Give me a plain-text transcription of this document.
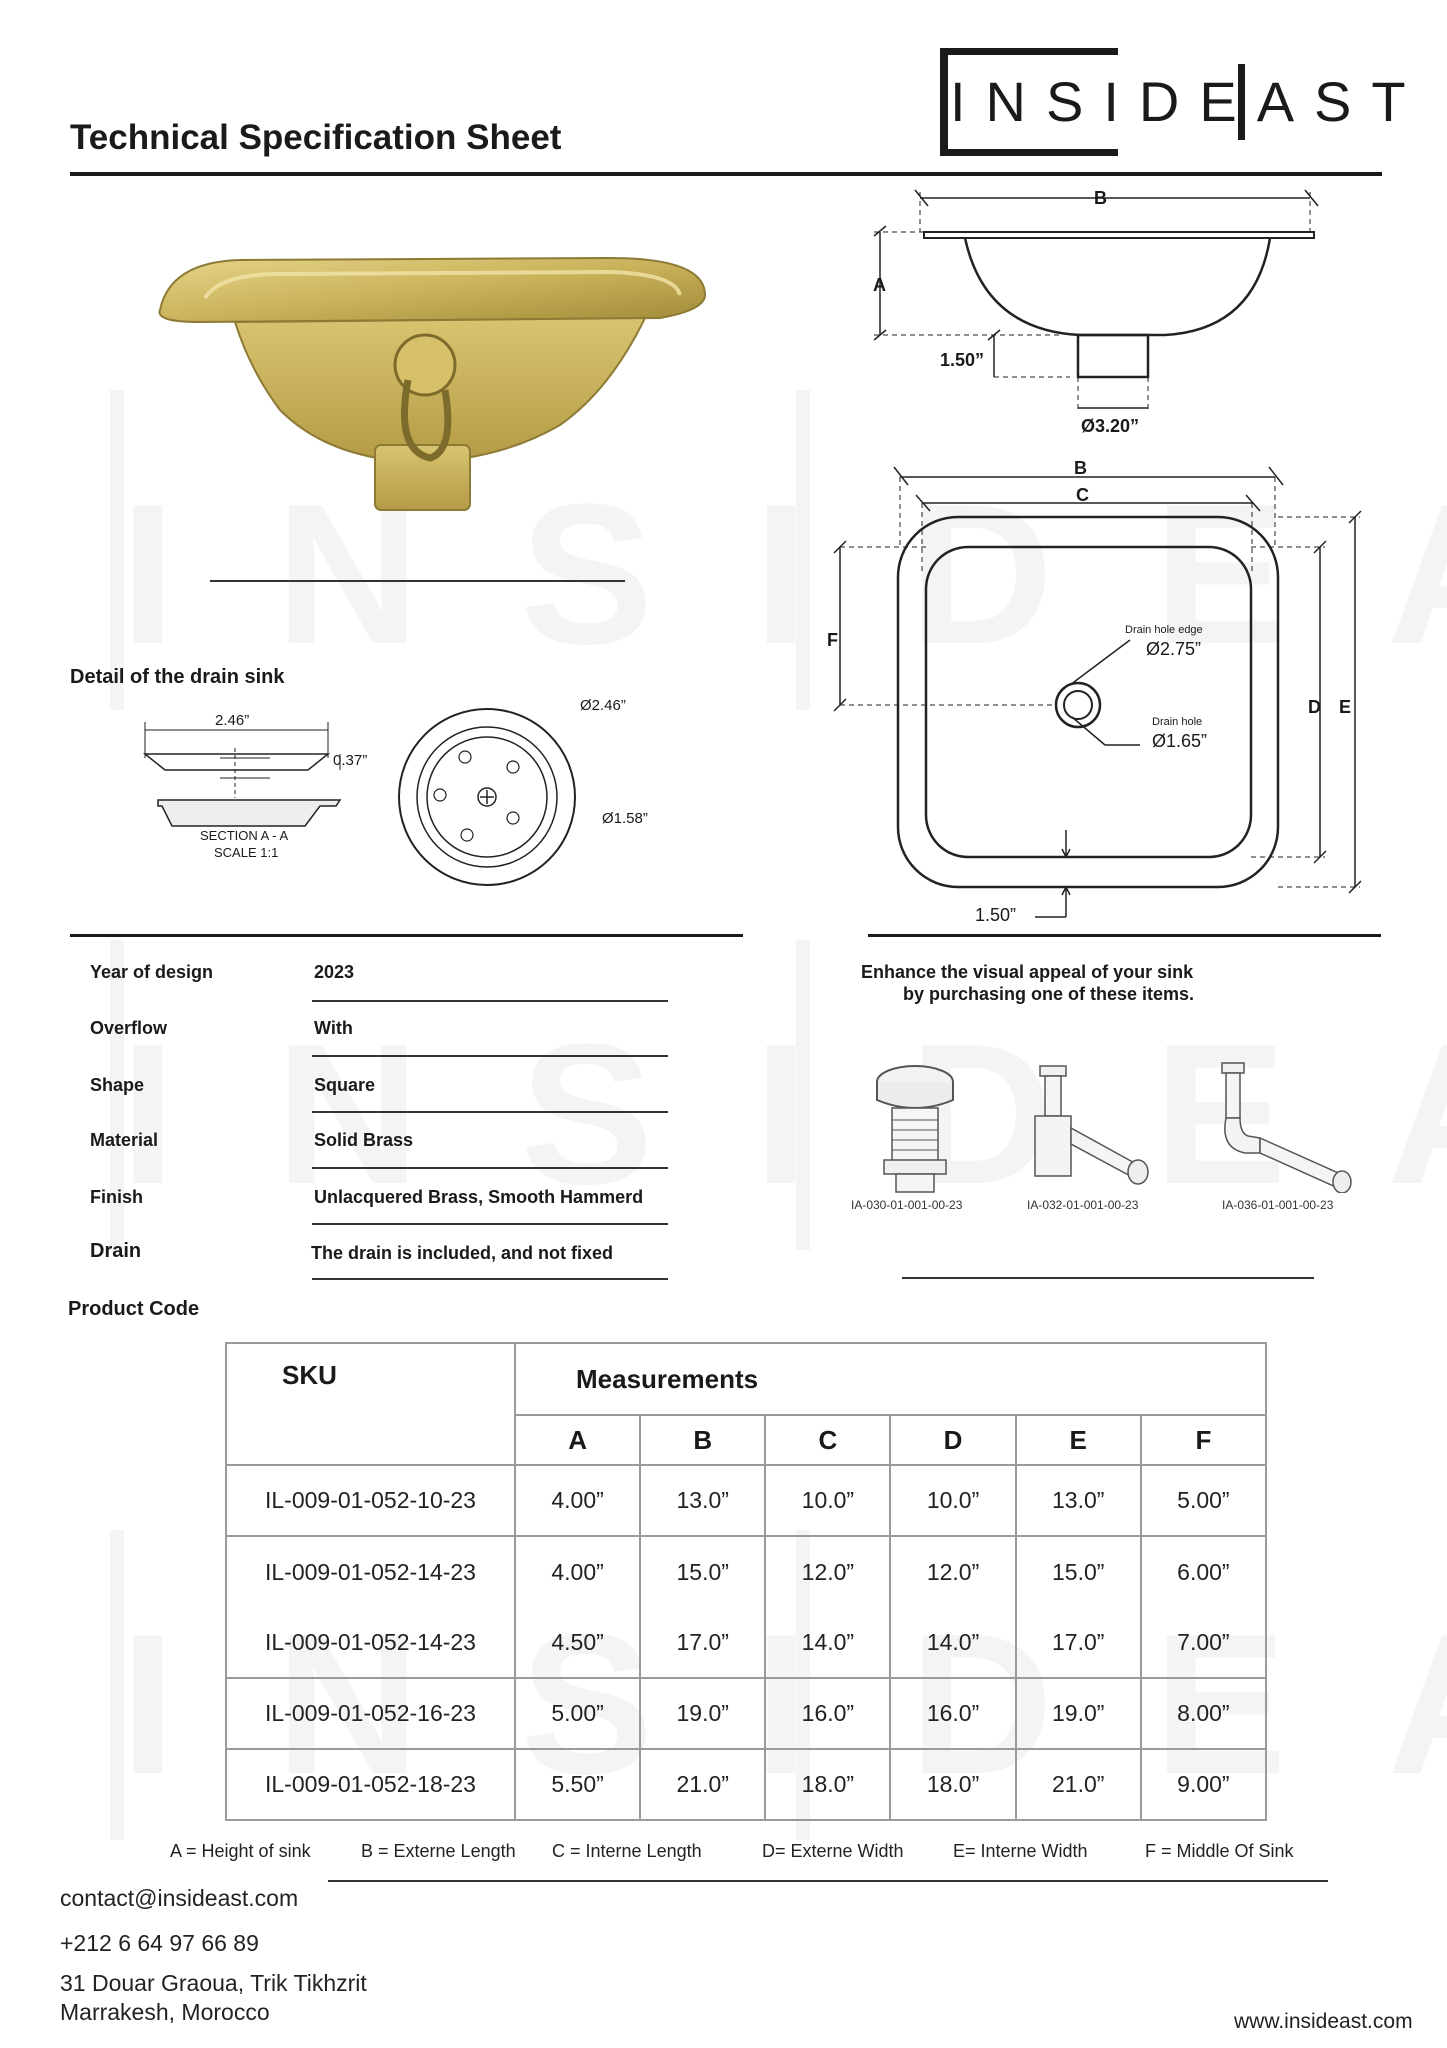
Technical Specification Sheet
INSIDEAST
B
A
1.50”
Ø3.20”
B
C
F
D E
Drain hole edge
Ø2.75”
Drain hole
Ø1.65”
1.50”
Detail of the drain sink
2.46”
0.37”
SECTION A - A
SCALE 1:1
Ø2.46”
Ø1.58”
Year of design	2023
Overflow	With
Shape	Square
Material	Solid Brass
Finish	Unlacquered Brass, Smooth Hammerd
Drain	The drain is included, and not fixed
Enhance the visual appeal of your sink
by purchasing one of these items.
IA-030-01-001-00-23	IA-032-01-001-00-23	IA-036-01-001-00-23
Product Code
SKU	Measurements					
	A	B	C	D	E	F
IL-009-01-052-10-23	4.00”	13.0”	10.0”	10.0”	13.0”	5.00”
IL-009-01-052-14-23	4.00”	15.0”	12.0”	12.0”	15.0”	6.00”
IL-009-01-052-14-23	4.50”	17.0”	14.0”	14.0”	17.0”	7.00”
IL-009-01-052-16-23	5.00”	19.0”	16.0”	16.0”	19.0”	8.00”
IL-009-01-052-18-23	5.50”	21.0”	18.0”	18.0”	21.0”	9.00”
A = Height of sink	B = Externe Length C = Interne Length	D= Externe Width	E= Interne Width	F = Middle Of Sink
contact@insideast.com
+212 6 64 97 66 89
31 Douar Graoua, Trik Tikhzrit
Marrakesh, Morocco	www.insideast.com
